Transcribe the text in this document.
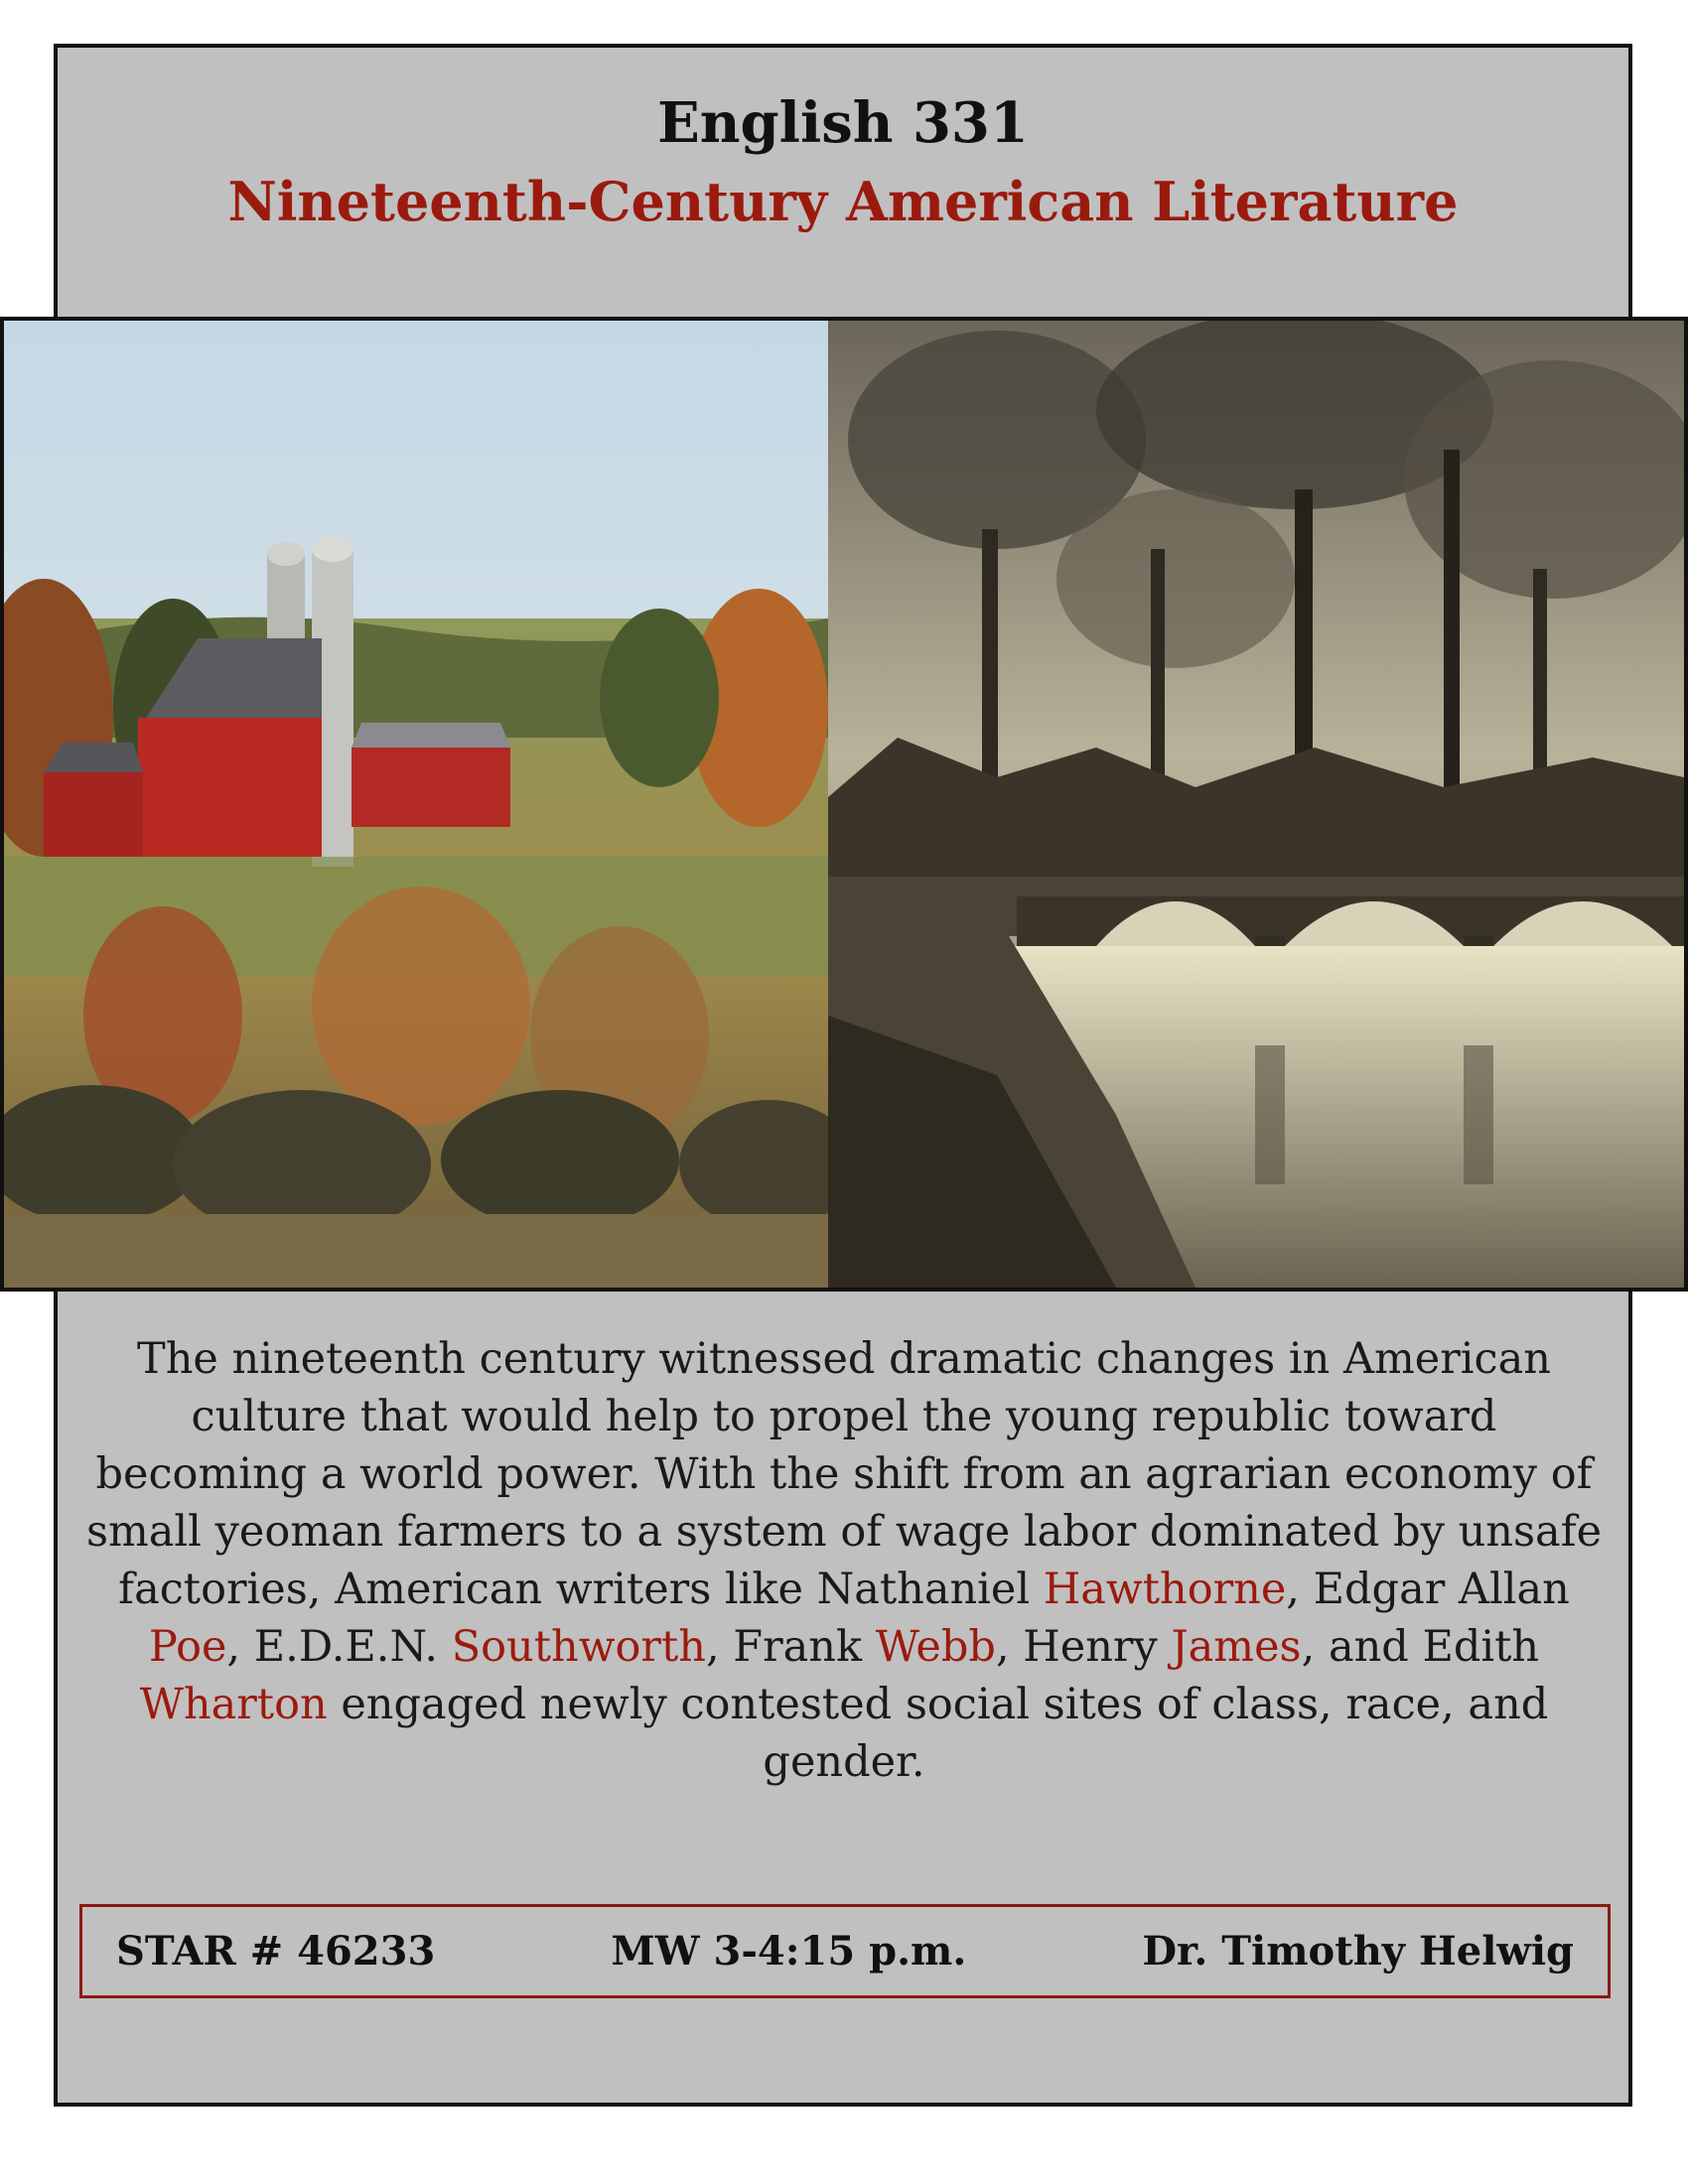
English 331
Nineteenth-Century American Literature
The nineteenth century witnessed dramatic changes in American culture that would help to propel the young republic toward becoming a world power. With the shift from an agrarian economy of small yeoman farmers to a system of wage labor dominated by unsafe factories, American writers like Nathaniel Hawthorne, Edgar Allan Poe, E.D.E.N. Southworth, Frank Webb, Henry James, and Edith Wharton engaged newly contested social sites of class, race, and gender.
STAR # 46233	MW 3-4:15 p.m.	Dr. Timothy Helwig
